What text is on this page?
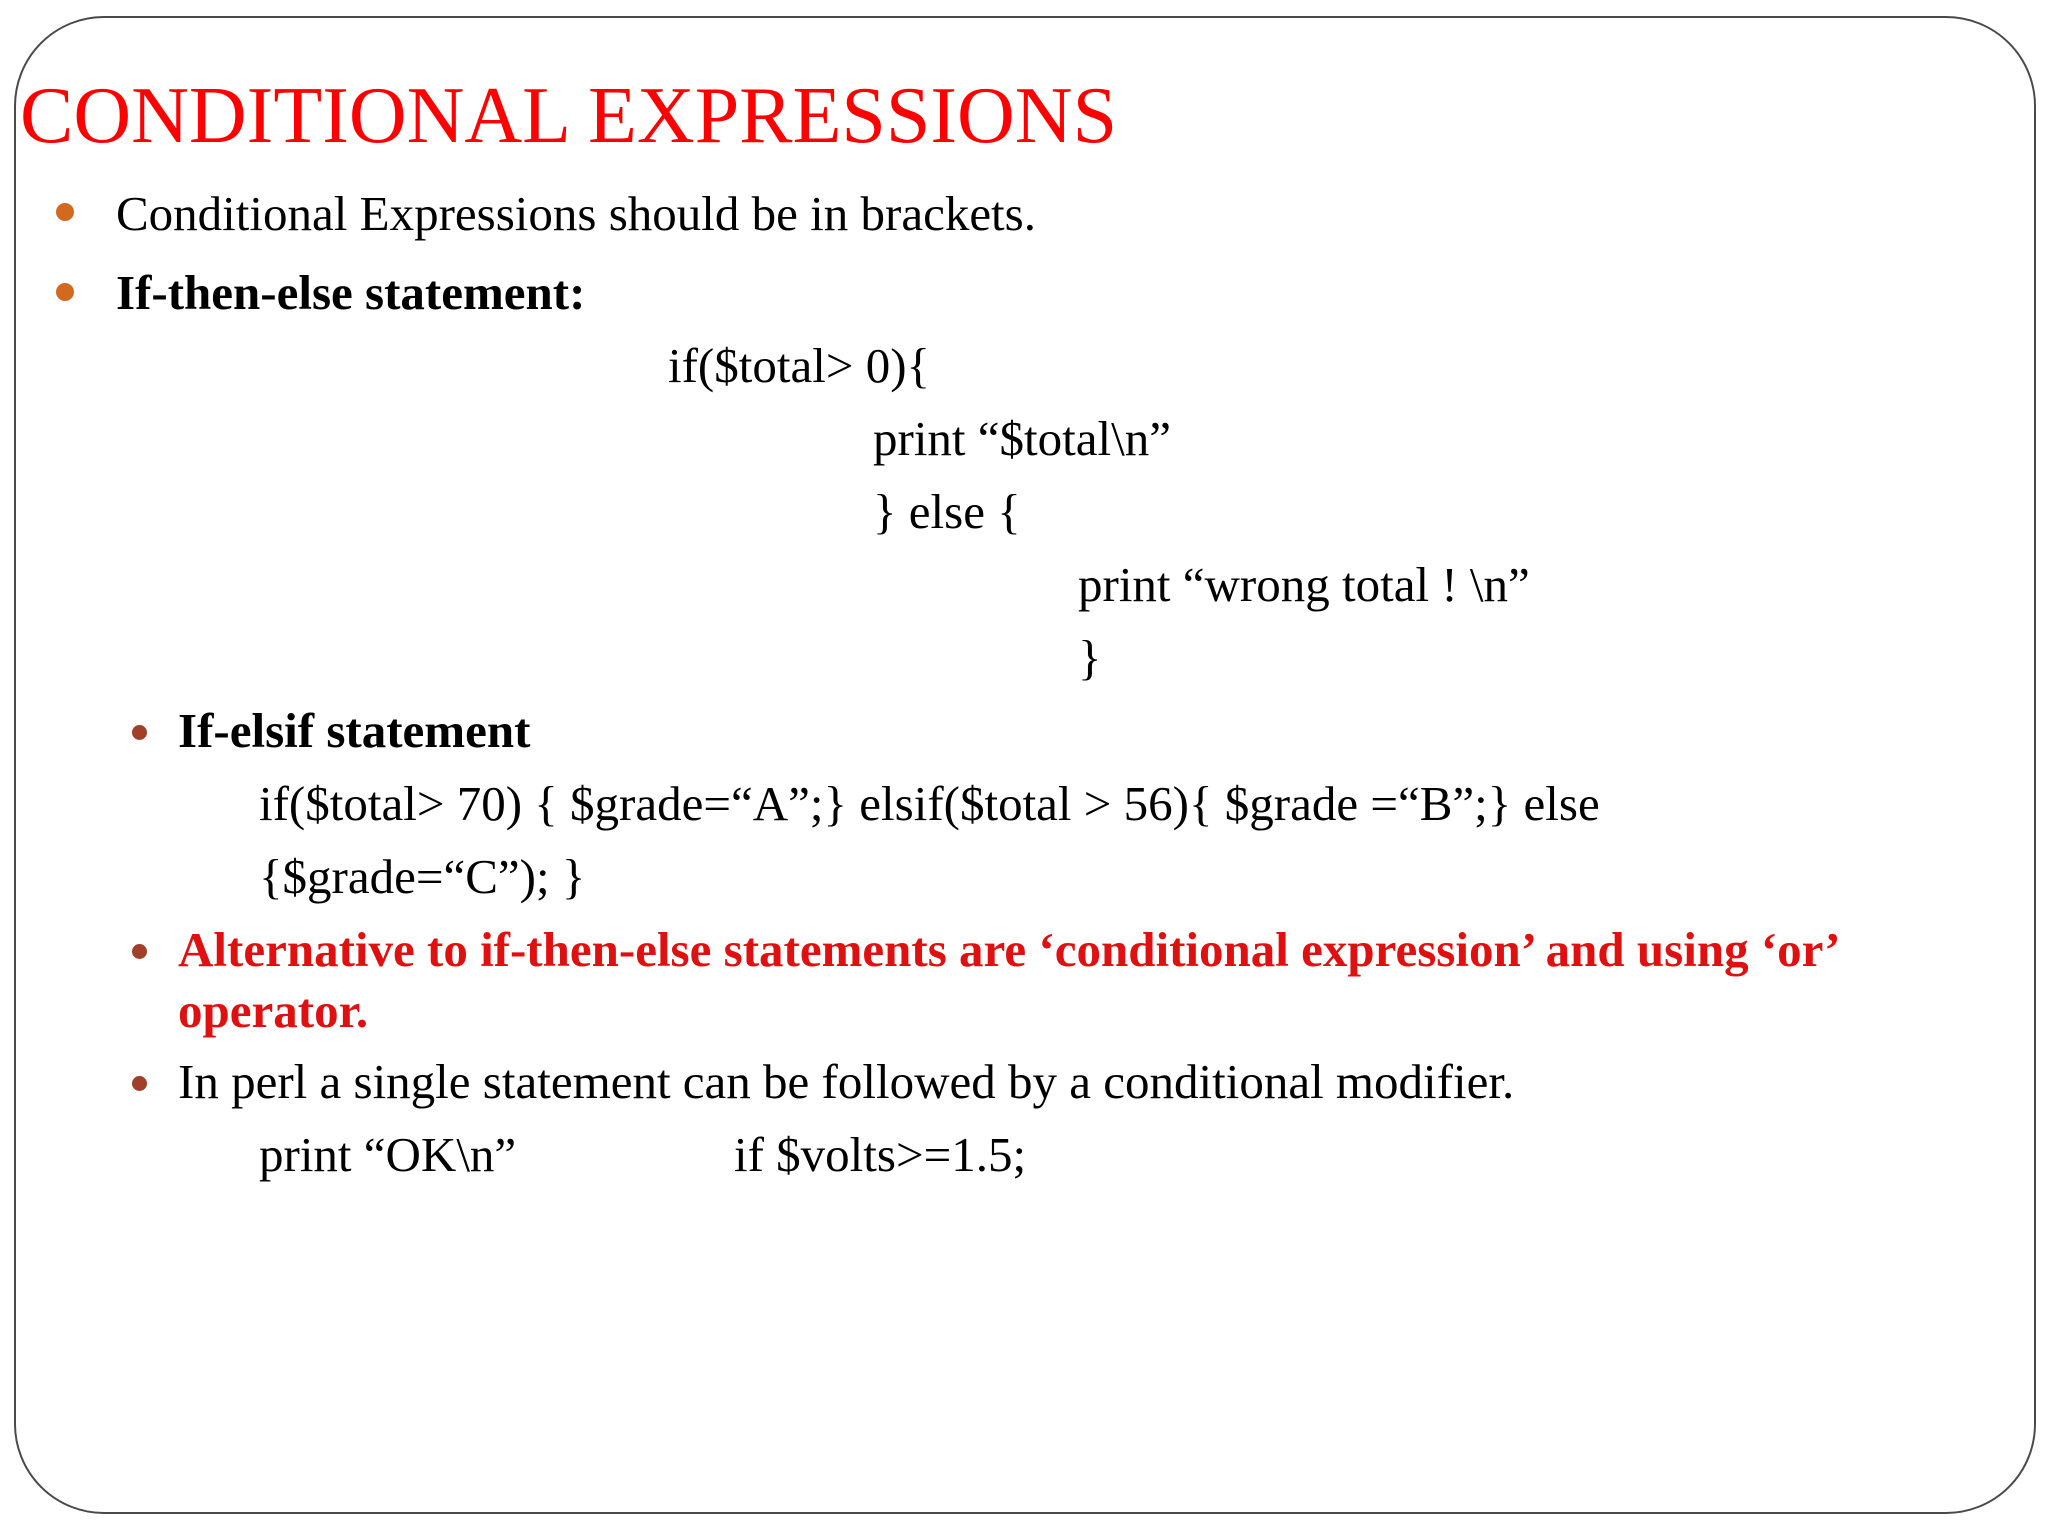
CONDITIONAL EXPRESSIONS
Conditional Expressions should be in brackets.
If-then-else statement:
if($total> 0){
print “$total\n”
} else {
print “wrong total ! \n”
}
If-elsif statement
if($total> 70) { $grade=“A”;} elsif($total > 56){ $grade =“B”;} else
{$grade=“C”); }
Alternative to if-then-else statements are ‘conditional expression’ and using ‘or’
operator.
In perl a single statement can be followed by a conditional modifier.
print “OK\n”	if $volts>=1.5;
